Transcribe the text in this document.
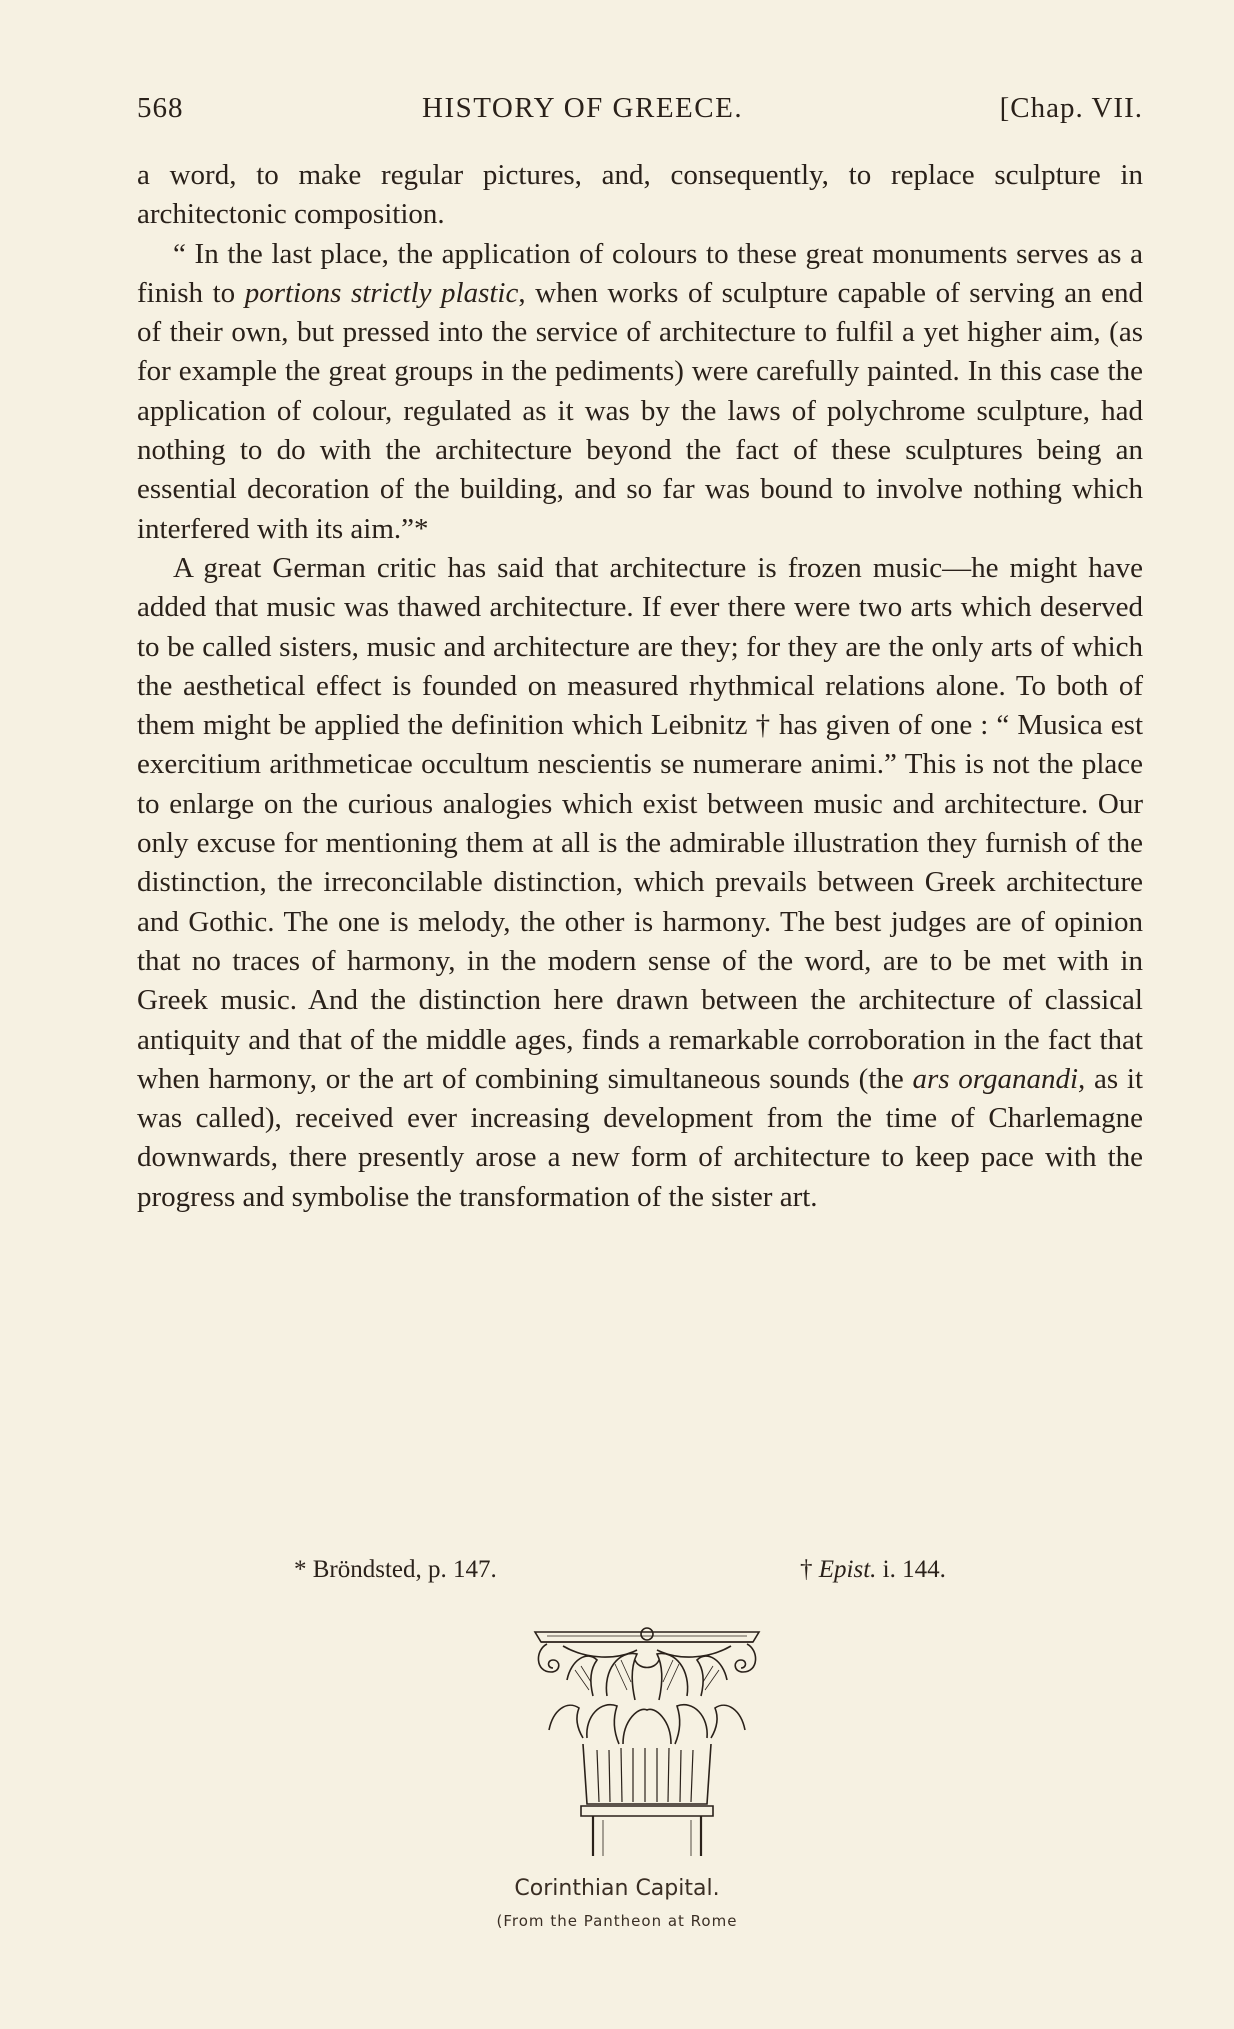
568	HISTORY OF GREECE.	[Chap. VII.

a word, to make regular pictures, and, consequently, to replace sculpture in architectonic composition.

“ In the last place, the application of colours to these great monuments serves as a finish to portions strictly plastic, when works of sculpture capable of serving an end of their own, but pressed into the service of architecture to fulfil a yet higher aim, (as for example the great groups in the pediments) were carefully painted. In this case the application of colour, regulated as it was by the laws of polychrome sculpture, had nothing to do with the architecture beyond the fact of these sculptures being an essential decoration of the building, and so far was bound to involve nothing which interfered with its aim.”*

A great German critic has said that architecture is frozen music—he might have added that music was thawed architecture. If ever there were two arts which deserved to be called sisters, music and architecture are they; for they are the only arts of which the aesthetical effect is founded on measured rhythmical relations alone. To both of them might be applied the definition which Leibnitz † has given of one : “ Musica est exercitium arithmeticae occultum nescientis se numerare animi.” This is not the place to enlarge on the curious analogies which exist between music and architecture. Our only excuse for mentioning them at all is the admirable illustration they furnish of the distinction, the irreconcilable distinction, which prevails between Greek architecture and Gothic. The one is melody, the other is harmony. The best judges are of opinion that no traces of harmony, in the modern sense of the word, are to be met with in Greek music. And the distinction here drawn between the architecture of classical antiquity and that of the middle ages, finds a remarkable corroboration in the fact that when harmony, or the art of combining simultaneous sounds (the ars organandi, as it was called), received ever increasing development from the time of Charlemagne downwards, there presently arose a new form of architecture to keep pace with the progress and symbolise the transformation of the sister art.

* Bröndsted, p. 147.	† Epist. i. 144.
Corinthian Capital.
(From the Pantheon at Rome
